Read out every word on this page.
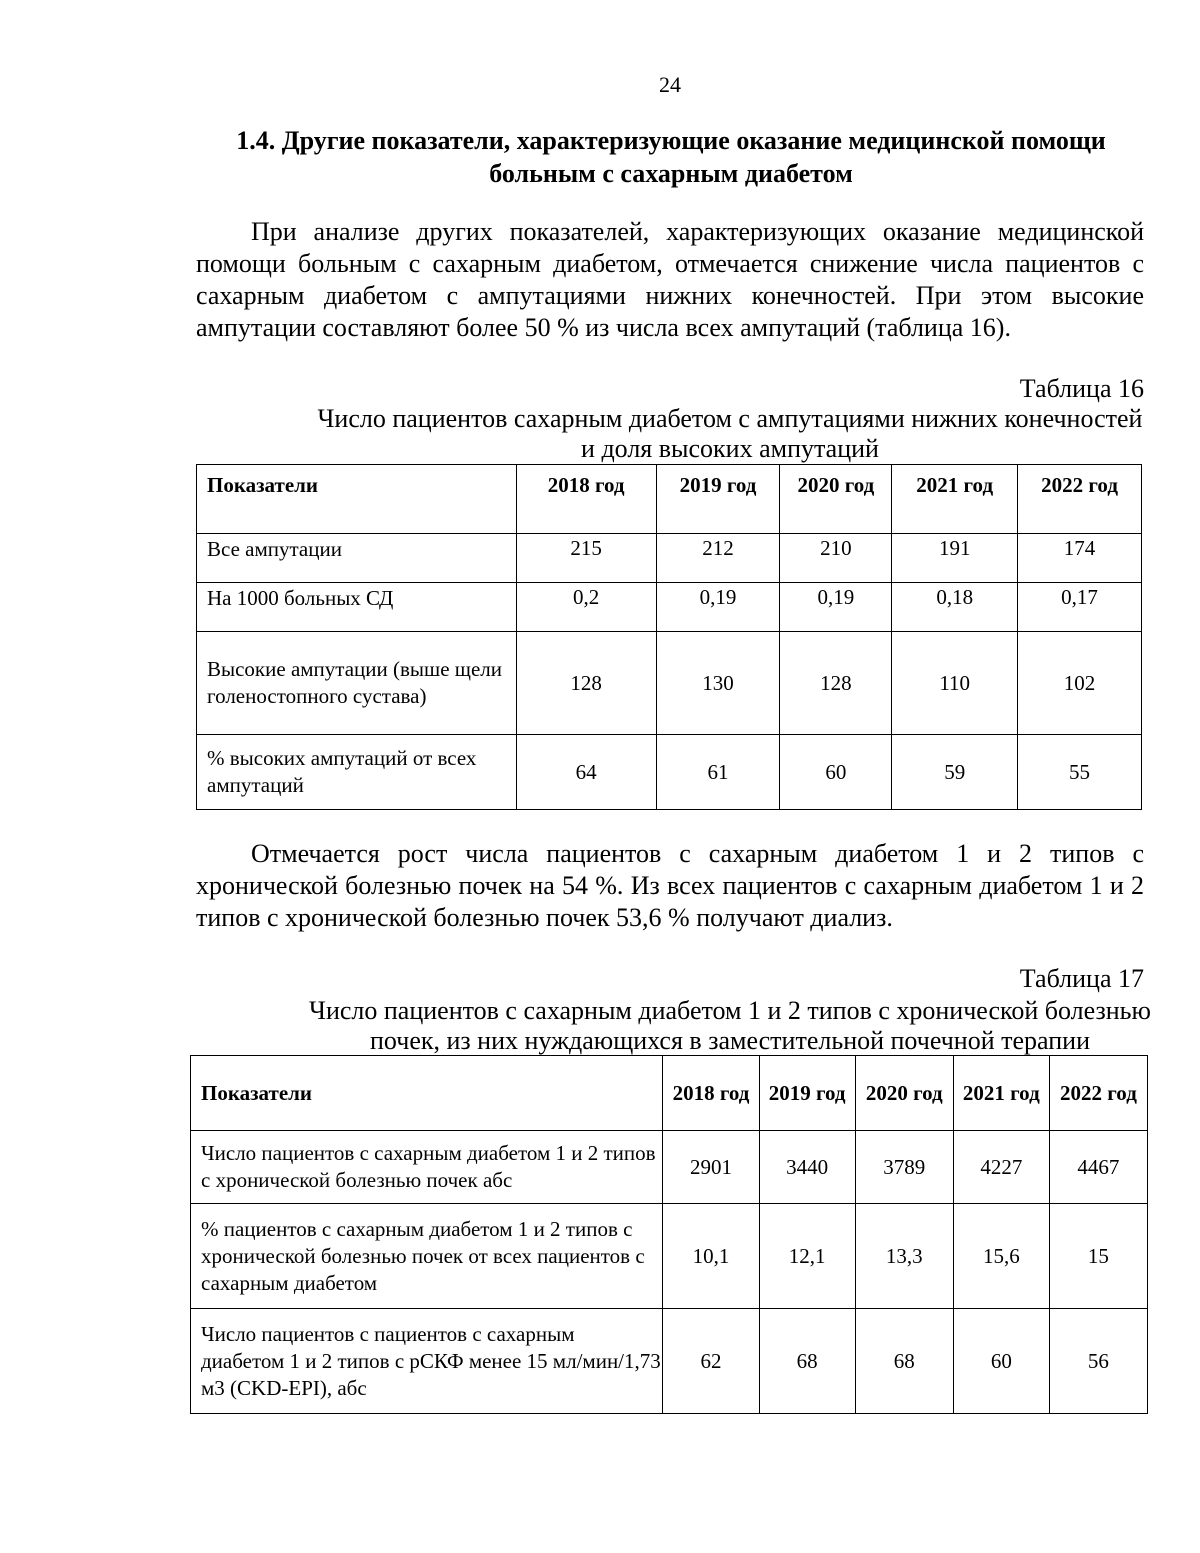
24
1.4. Другие показатели, характеризующие оказание медицинской помощи больным с сахарным диабетом

При анализе других показателей, характеризующих оказание медицинской помощи больным с сахарным диабетом, отмечается снижение числа пациентов с сахарным диабетом с ампутациями нижних конечностей. При этом высокие ампутации составляют более 50 % из числа всех ампутаций (таблица 16).

Таблица 16
Число пациентов сахарным диабетом с ампутациями нижних конечностей
и доля высоких ампутаций
Показатели	2018 год	2019 год	2020 год	2021 год	2022 год
Все ампутации	215	212	210	191	174
На 1000 больных СД	0,2	0,19	0,19	0,18	0,17
Высокие ампутации (выше щели голеностопного сустава)	128	130	128	110	102
% высоких ампутаций от всех ампутаций	64	61	60	59	55

Отмечается рост числа пациентов с сахарным диабетом 1 и 2 типов с хронической болезнью почек на 54 %. Из всех пациентов с сахарным диабетом 1 и 2 типов с хронической болезнью почек 53,6 % получают диализ.

Таблица 17
Число пациентов с сахарным диабетом 1 и 2 типов с хронической болезнью
почек, из них нуждающихся в заместительной почечной терапии
Показатели	2018 год	2019 год	2020 год	2021 год	2022 год
Число пациентов с сахарным диабетом 1 и 2 типов с хронической болезнью почек абс	2901	3440	3789	4227	4467
% пациентов с сахарным диабетом 1 и 2 типов с хронической болезнью почек от всех пациентов с сахарным диабетом	10,1	12,1	13,3	15,6	15
Число пациентов с пациентов с сахарным диабетом 1 и 2 типов с рСКФ менее 15 мл/мин/1,73 м3 (CKD-EPI), абс	62	68	68	60	56
